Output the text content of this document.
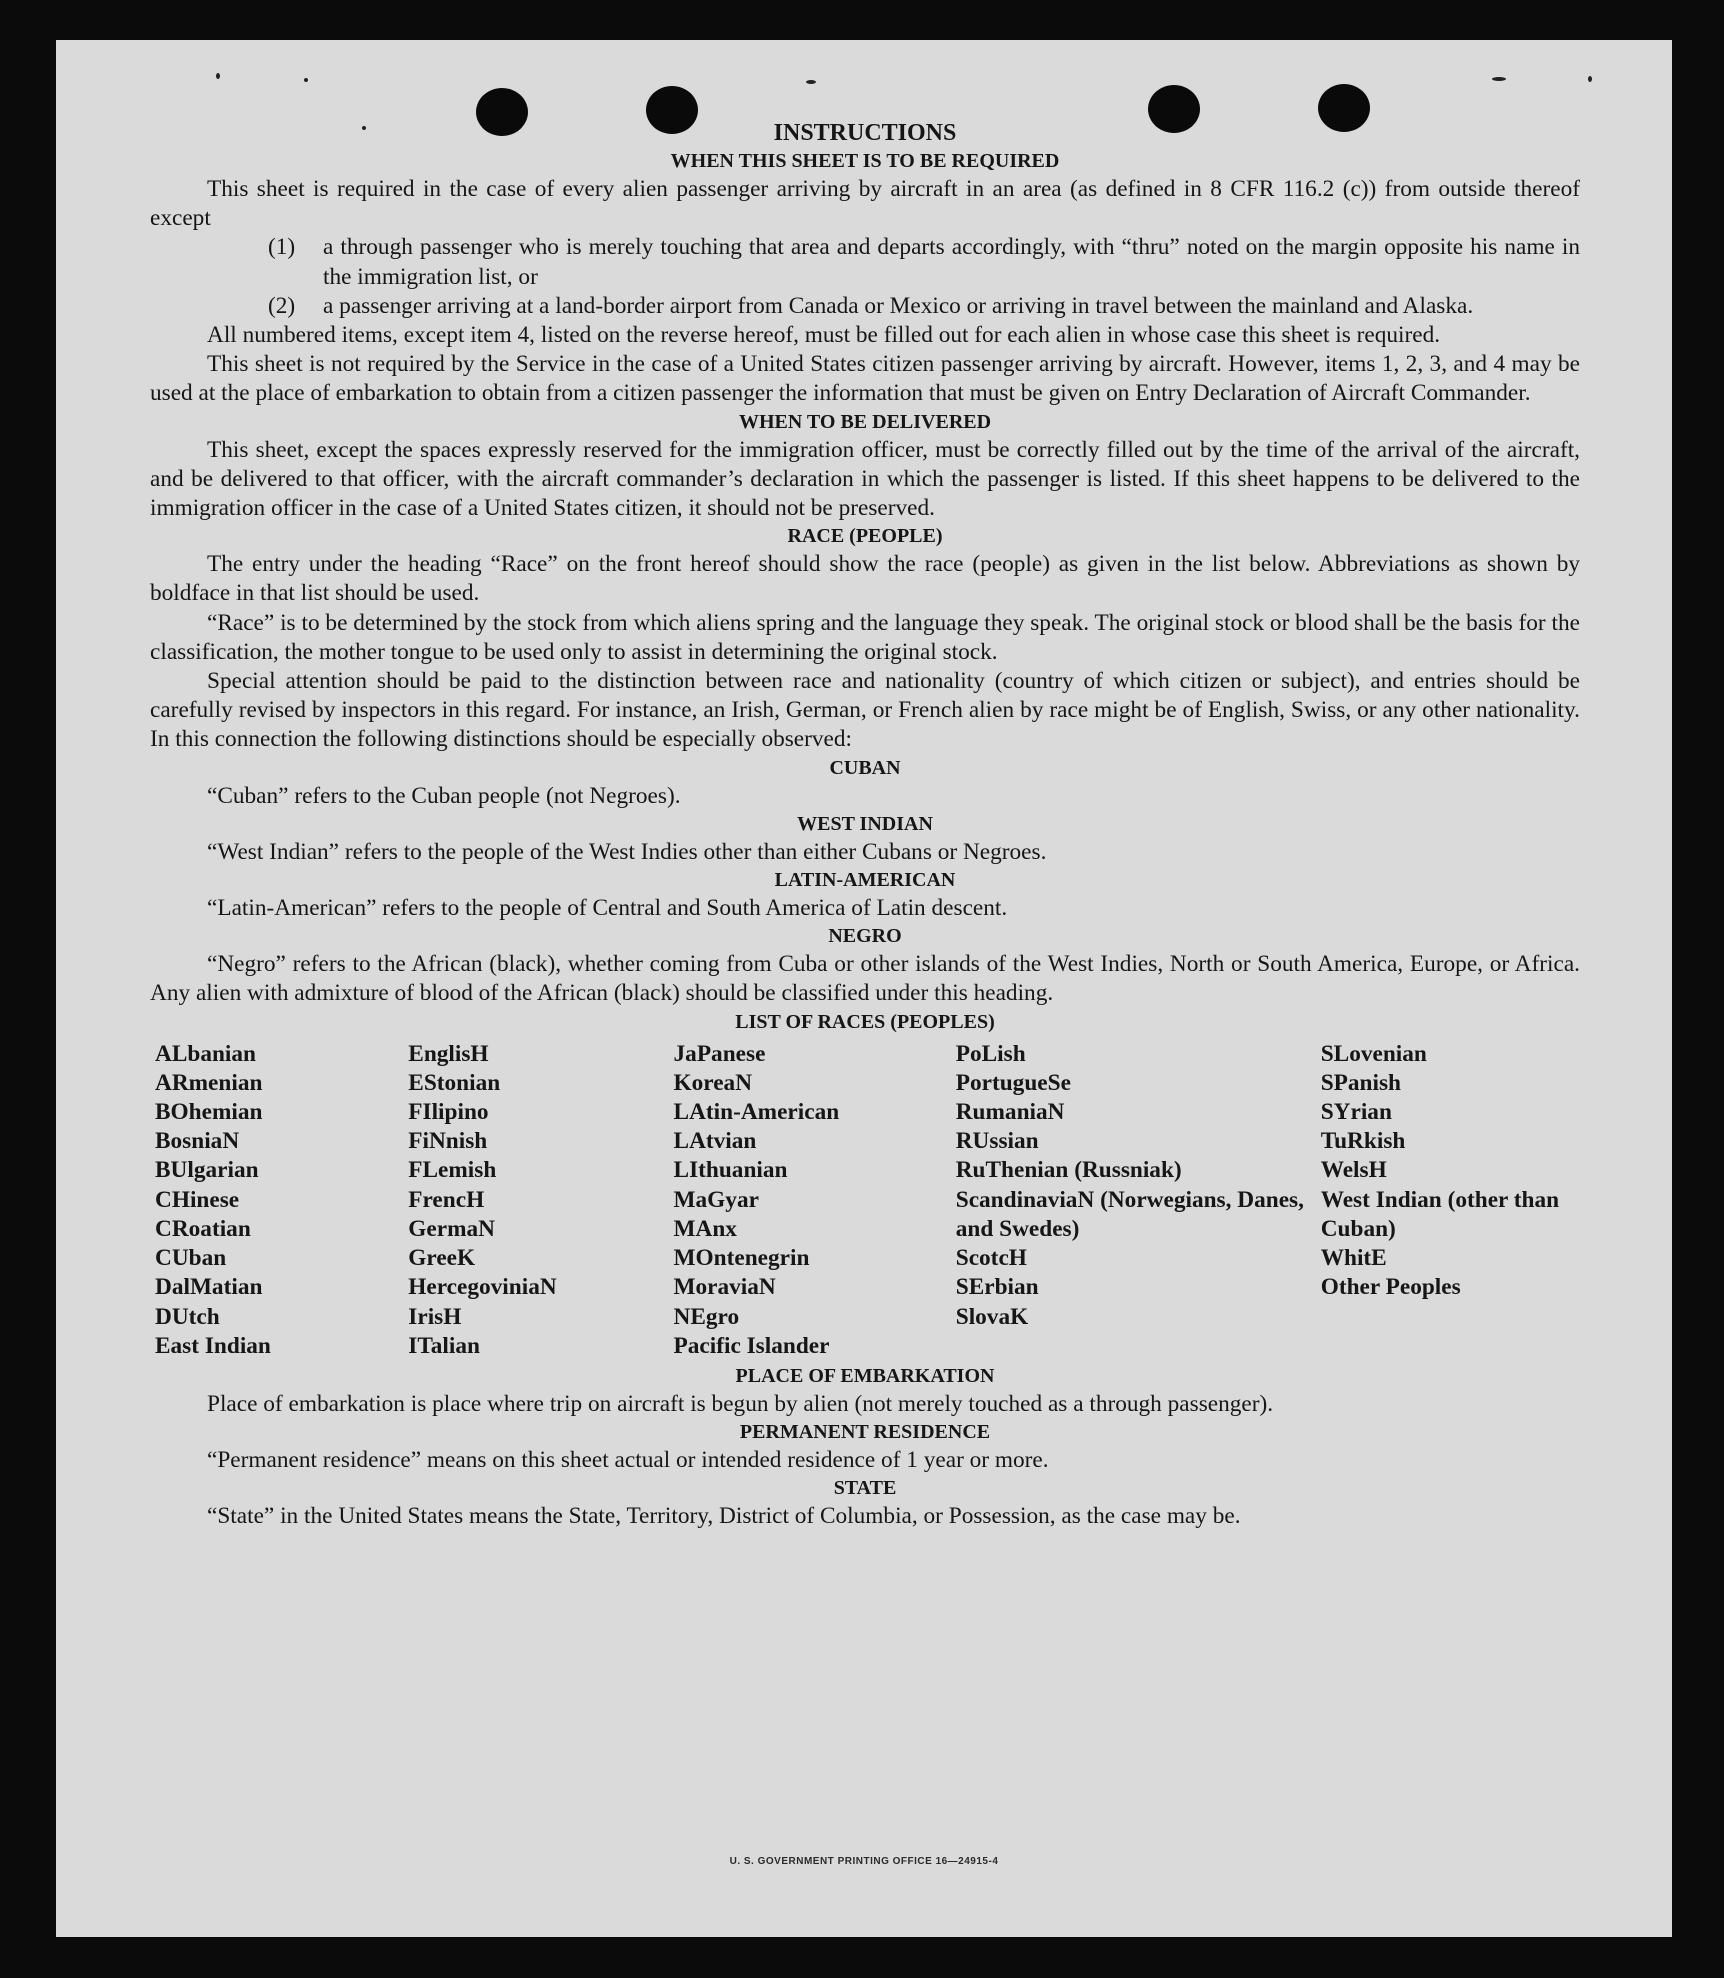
U. S. GOVERNMENT PRINTING OFFICE 16—24915-4
INSTRUCTIONS
WHEN THIS SHEET IS TO BE REQUIRED

This sheet is required in the case of every alien passenger arriving by aircraft in an area (as defined in 8 CFR 116.2 (c)) from outside thereof except

(1) a through passenger who is merely touching that area and departs accordingly, with “thru” noted on the margin opposite his name in the immigration list, or

(2) a passenger arriving at a land-border airport from Canada or Mexico or arriving in travel between the mainland and Alaska.

All numbered items, except item 4, listed on the reverse hereof, must be filled out for each alien in whose case this sheet is required.

This sheet is not required by the Service in the case of a United States citizen passenger arriving by aircraft. However, items 1, 2, 3, and 4 may be used at the place of embarkation to obtain from a citizen passenger the information that must be given on Entry Declaration of Aircraft Commander.

WHEN TO BE DELIVERED

This sheet, except the spaces expressly reserved for the immigration officer, must be correctly filled out by the time of the arrival of the aircraft, and be delivered to that officer, with the aircraft commander’s declaration in which the passenger is listed. If this sheet happens to be delivered to the immigration officer in the case of a United States citizen, it should not be preserved.

RACE (PEOPLE)

The entry under the heading “Race” on the front hereof should show the race (people) as given in the list below. Abbreviations as shown by boldface in that list should be used.

“Race” is to be determined by the stock from which aliens spring and the language they speak. The original stock or blood shall be the basis for the classification, the mother tongue to be used only to assist in determining the original stock.

Special attention should be paid to the distinction between race and nationality (country of which citizen or subject), and entries should be carefully revised by inspectors in this regard. For instance, an Irish, German, or French alien by race might be of English, Swiss, or any other nationality. In this connection the following distinctions should be especially observed:

CUBAN

“Cuban” refers to the Cuban people (not Negroes).

WEST INDIAN

“West Indian” refers to the people of the West Indies other than either Cubans or Negroes.

LATIN-AMERICAN

“Latin-American” refers to the people of Central and South America of Latin descent.

NEGRO

“Negro” refers to the African (black), whether coming from Cuba or other islands of the West Indies, North or South America, Europe, or Africa. Any alien with admixture of blood of the African (black) should be classified under this heading.

LIST OF RACES (PEOPLES)
ALbanian
ARmenian
BOhemian
BosniaN
BUlgarian
CHinese
CRoatian
CUban
DalMatian
DUtch
East Indian
EnglisH
EStonian
FIlipino
FiNnish
FLemish
FrencH
GermaN
GreeK
HercegoviniaN
IrisH
ITalian
JaPanese
KoreaN
LAtin-American
LAtvian
LIthuanian
MaGyar
MAnx
MOntenegrin
MoraviaN
NEgro
Pacific Islander
PoLish
PortugueSe
RumaniaN
RUssian
RuThenian (Russniak)
ScandinaviaN (Norwegians, Danes, and Swedes)
ScotcH
SErbian
SlovaK
SLovenian
SPanish
SYrian
TuRkish
WelsH
West Indian (other than Cuban)
WhitE
Other Peoples
PLACE OF EMBARKATION

Place of embarkation is place where trip on aircraft is begun by alien (not merely touched as a through passenger).

PERMANENT RESIDENCE

“Permanent residence” means on this sheet actual or intended residence of 1 year or more.

STATE

“State” in the United States means the State, Territory, District of Columbia, or Possession, as the case may be.
